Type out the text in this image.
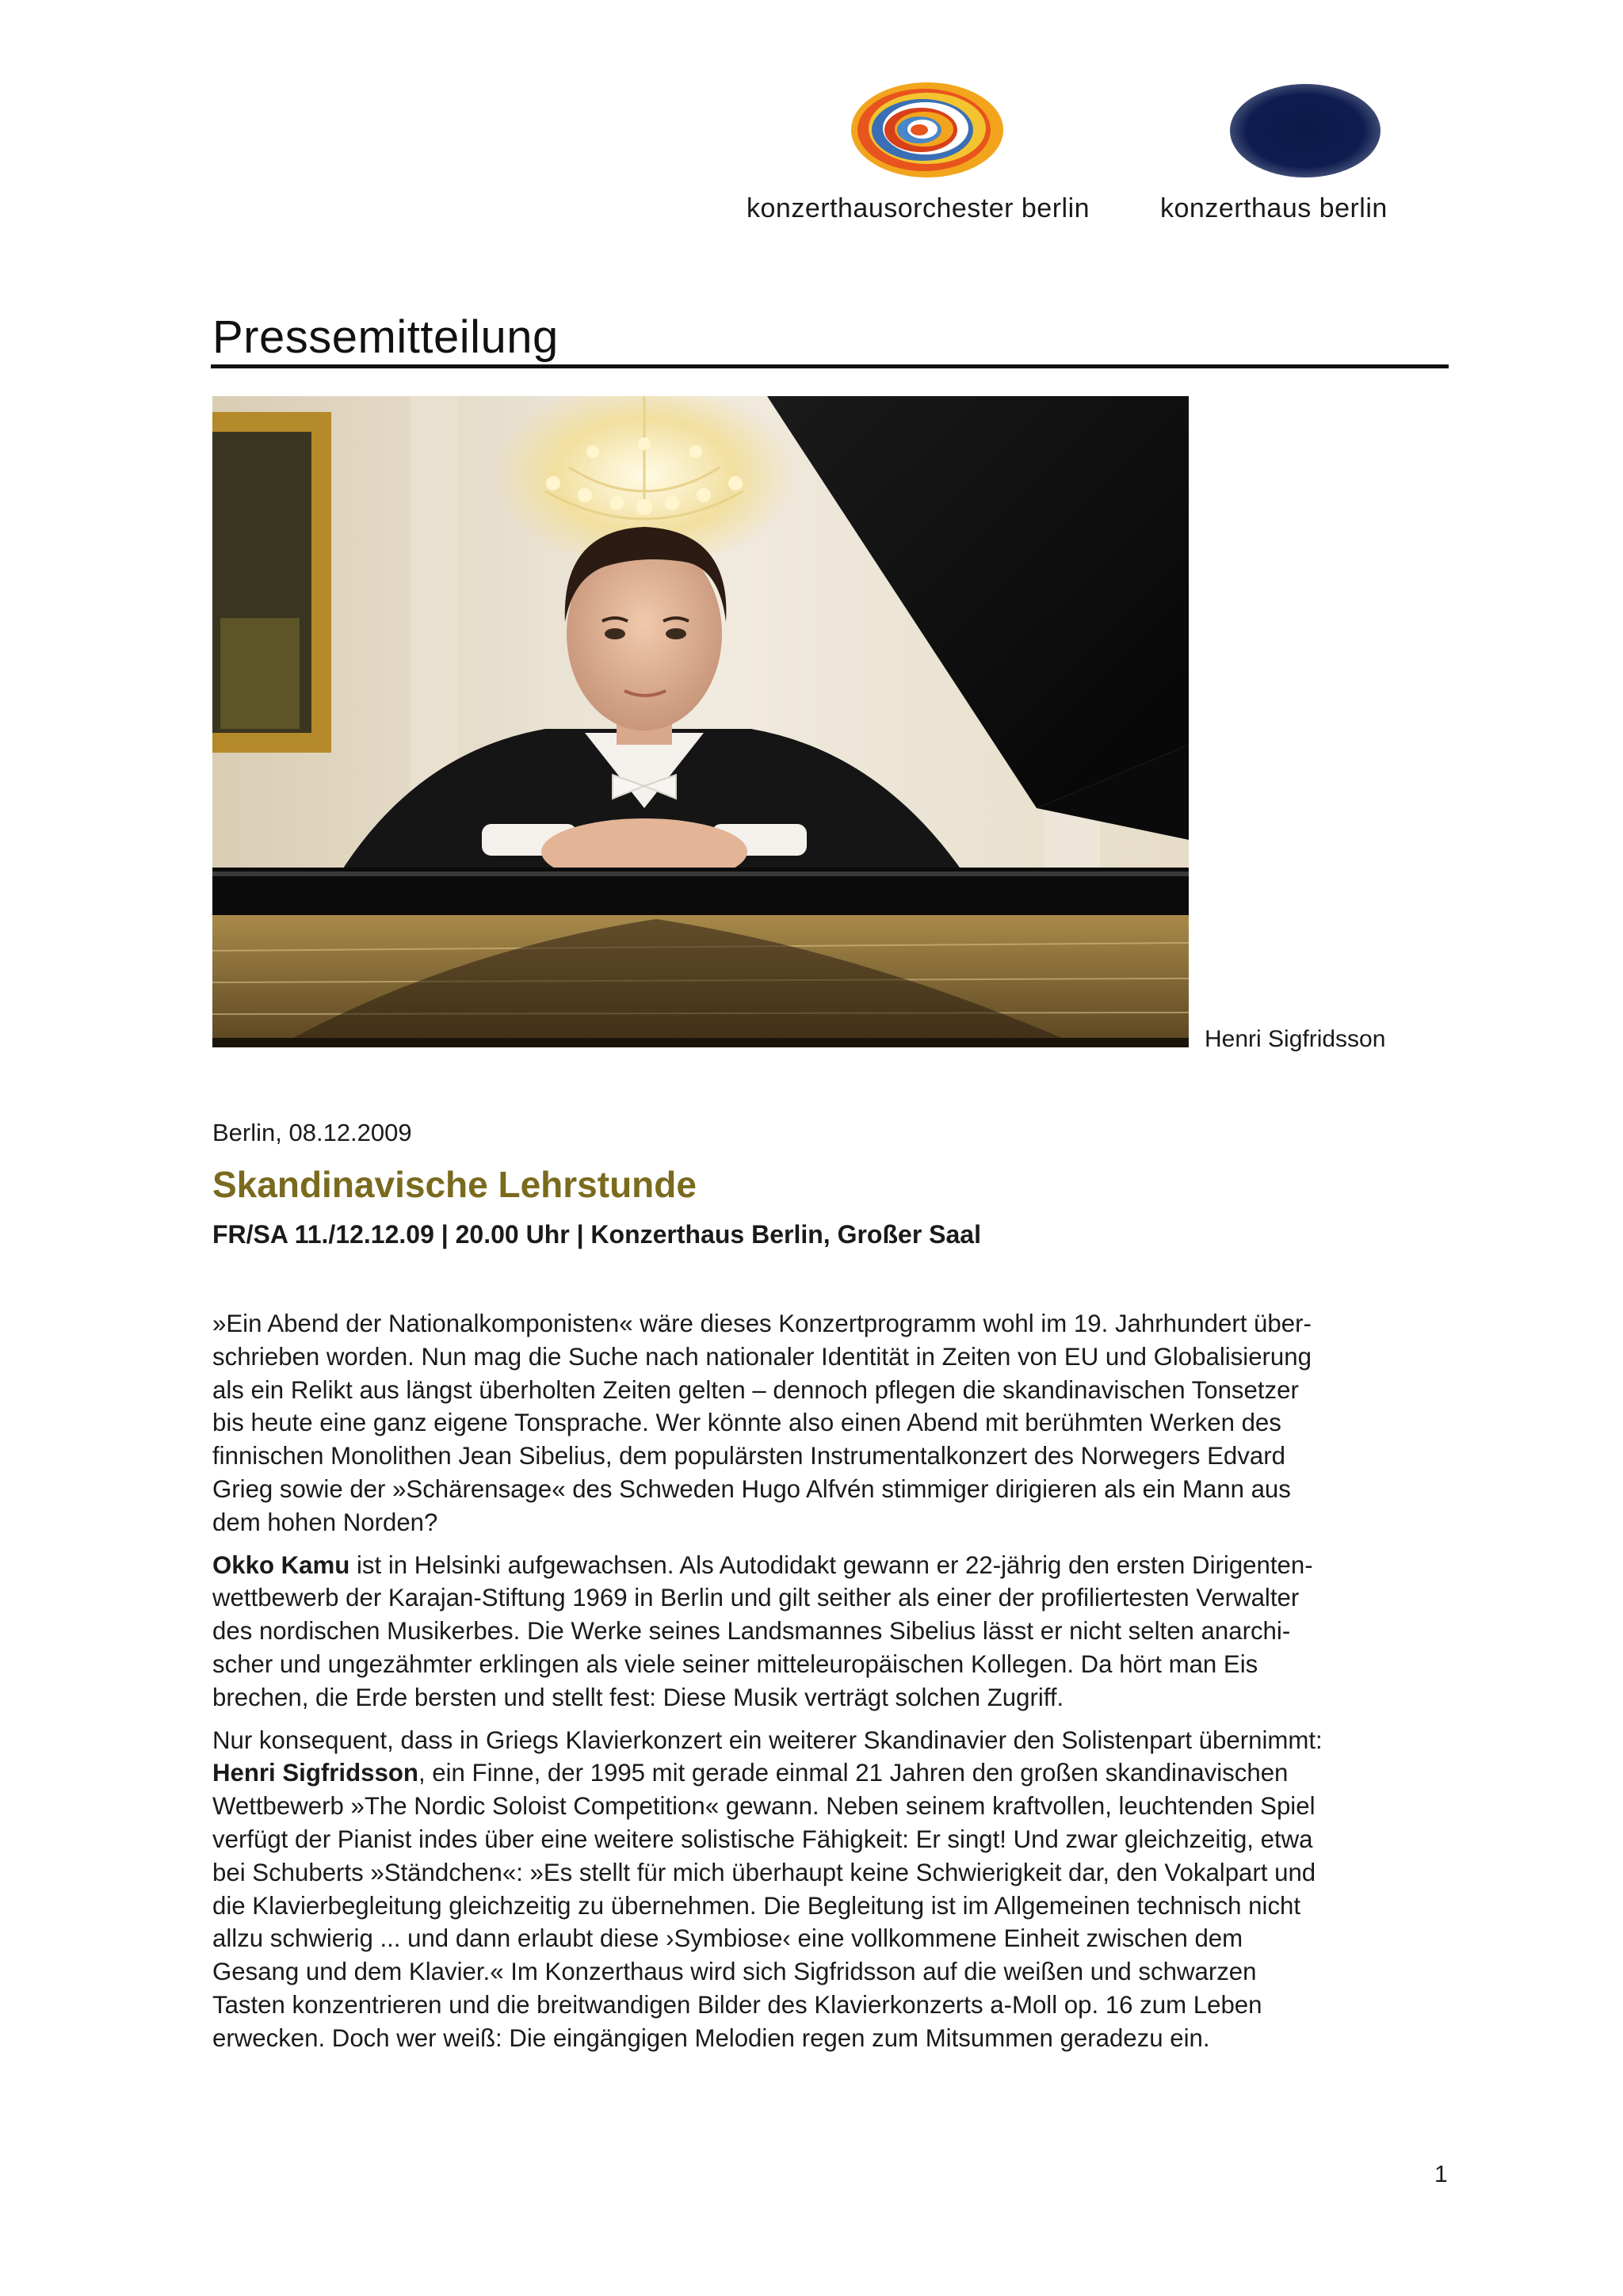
konzerthausorchester berlin	konzerthaus berlin
Pressemitteilung
Henri Sigfridsson
Berlin, 08.12.2009
Skandinavische Lehrstunde
FR/SA 11./12.12.09 | 20.00 Uhr | Konzerthaus Berlin, Großer Saal

»Ein Abend der Nationalkomponisten« wäre dieses Konzertprogramm wohl im 19. Jahrhundert über-
schrieben worden. Nun mag die Suche nach nationaler Identität in Zeiten von EU und Globalisierung
als ein Relikt aus längst überholten Zeiten gelten – dennoch pflegen die skandinavischen Tonsetzer
bis heute eine ganz eigene Tonsprache. Wer könnte also einen Abend mit berühmten Werken des
finnischen Monolithen Jean Sibelius, dem populärsten Instrumentalkonzert des Norwegers Edvard
Grieg sowie der »Schärensage« des Schweden Hugo Alfvén stimmiger dirigieren als ein Mann aus
dem hohen Norden?

Okko Kamu ist in Helsinki aufgewachsen. Als Autodidakt gewann er 22-jährig den ersten Dirigenten-
wettbewerb der Karajan-Stiftung 1969 in Berlin und gilt seither als einer der profiliertesten Verwalter
des nordischen Musikerbes. Die Werke seines Landsmannes Sibelius lässt er nicht selten anarchi-
scher und ungezähmter erklingen als viele seiner mitteleuropäischen Kollegen. Da hört man Eis
brechen, die Erde bersten und stellt fest: Diese Musik verträgt solchen Zugriff.

Nur konsequent, dass in Griegs Klavierkonzert ein weiterer Skandinavier den Solistenpart übernimmt:
Henri Sigfridsson, ein Finne, der 1995 mit gerade einmal 21 Jahren den großen skandinavischen
Wettbewerb »The Nordic Soloist Competition« gewann. Neben seinem kraftvollen, leuchtenden Spiel
verfügt der Pianist indes über eine weitere solistische Fähigkeit: Er singt! Und zwar gleichzeitig, etwa
bei Schuberts »Ständchen«: »Es stellt für mich überhaupt keine Schwierigkeit dar, den Vokalpart und
die Klavierbegleitung gleichzeitig zu übernehmen. Die Begleitung ist im Allgemeinen technisch nicht
allzu schwierig ... und dann erlaubt diese ›Symbiose‹ eine vollkommene Einheit zwischen dem
Gesang und dem Klavier.« Im Konzerthaus wird sich Sigfridsson auf die weißen und schwarzen
Tasten konzentrieren und die breitwandigen Bilder des Klavierkonzerts a-Moll op. 16 zum Leben
erwecken. Doch wer weiß: Die eingängigen Melodien regen zum Mitsummen geradezu ein.

1
